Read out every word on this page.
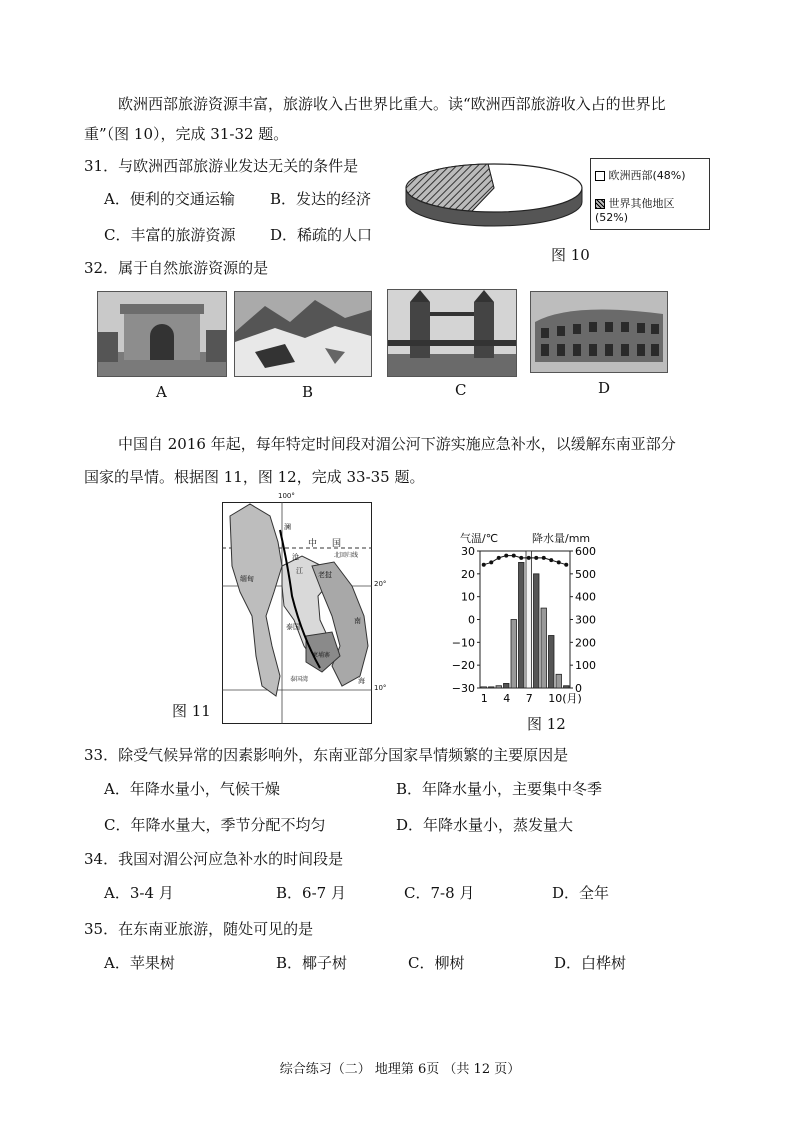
欧洲西部旅游资源丰富，旅游收入占世界比重大。读“欧洲西部旅游收入占的世界比
重”（图 10），完成 31-32 题。
31．与欧洲西部旅游业发达无关的条件是
A．便利的交通运输 B．发达的经济
C．丰富的旅游资源 D．稀疏的人口
欧洲西部(48%)
世界其他地区
(52%)
图 10
32．属于自然旅游资源的是
A	B	C	D
中国自 2016 年起，每年特定时间段对湄公河下游实施应急补水，以缓解东南亚部分
国家的旱情。根据图 11，图 12，完成 33-35 题。
100°
中 国
北回归线
20°
10°
缅甸
泰国
老挝
柬埔寨
南
海
泰国湾
澜
沧
江
图 11
气温/℃	降水量/mm
30
20
10
0
−10
−20
−30
600
500
400
300
200
100
0
1 4 7 10(月)
图 12
33．除受气候异常的因素影响外，东南亚部分国家旱情频繁的主要原因是
A．年降水量小，气候干燥	B．年降水量小，主要集中冬季
C．年降水量大，季节分配不均匀	D．年降水量小，蒸发量大
34．我国对湄公河应急补水的时间段是
A．3-4 月	B．6-7 月	C．7-8 月	D．全年
35．在东南亚旅游，随处可见的是
A．苹果树	B．椰子树	C．柳树	D．白桦树
综合练习（二） 地理第 6页 （共 12 页）
